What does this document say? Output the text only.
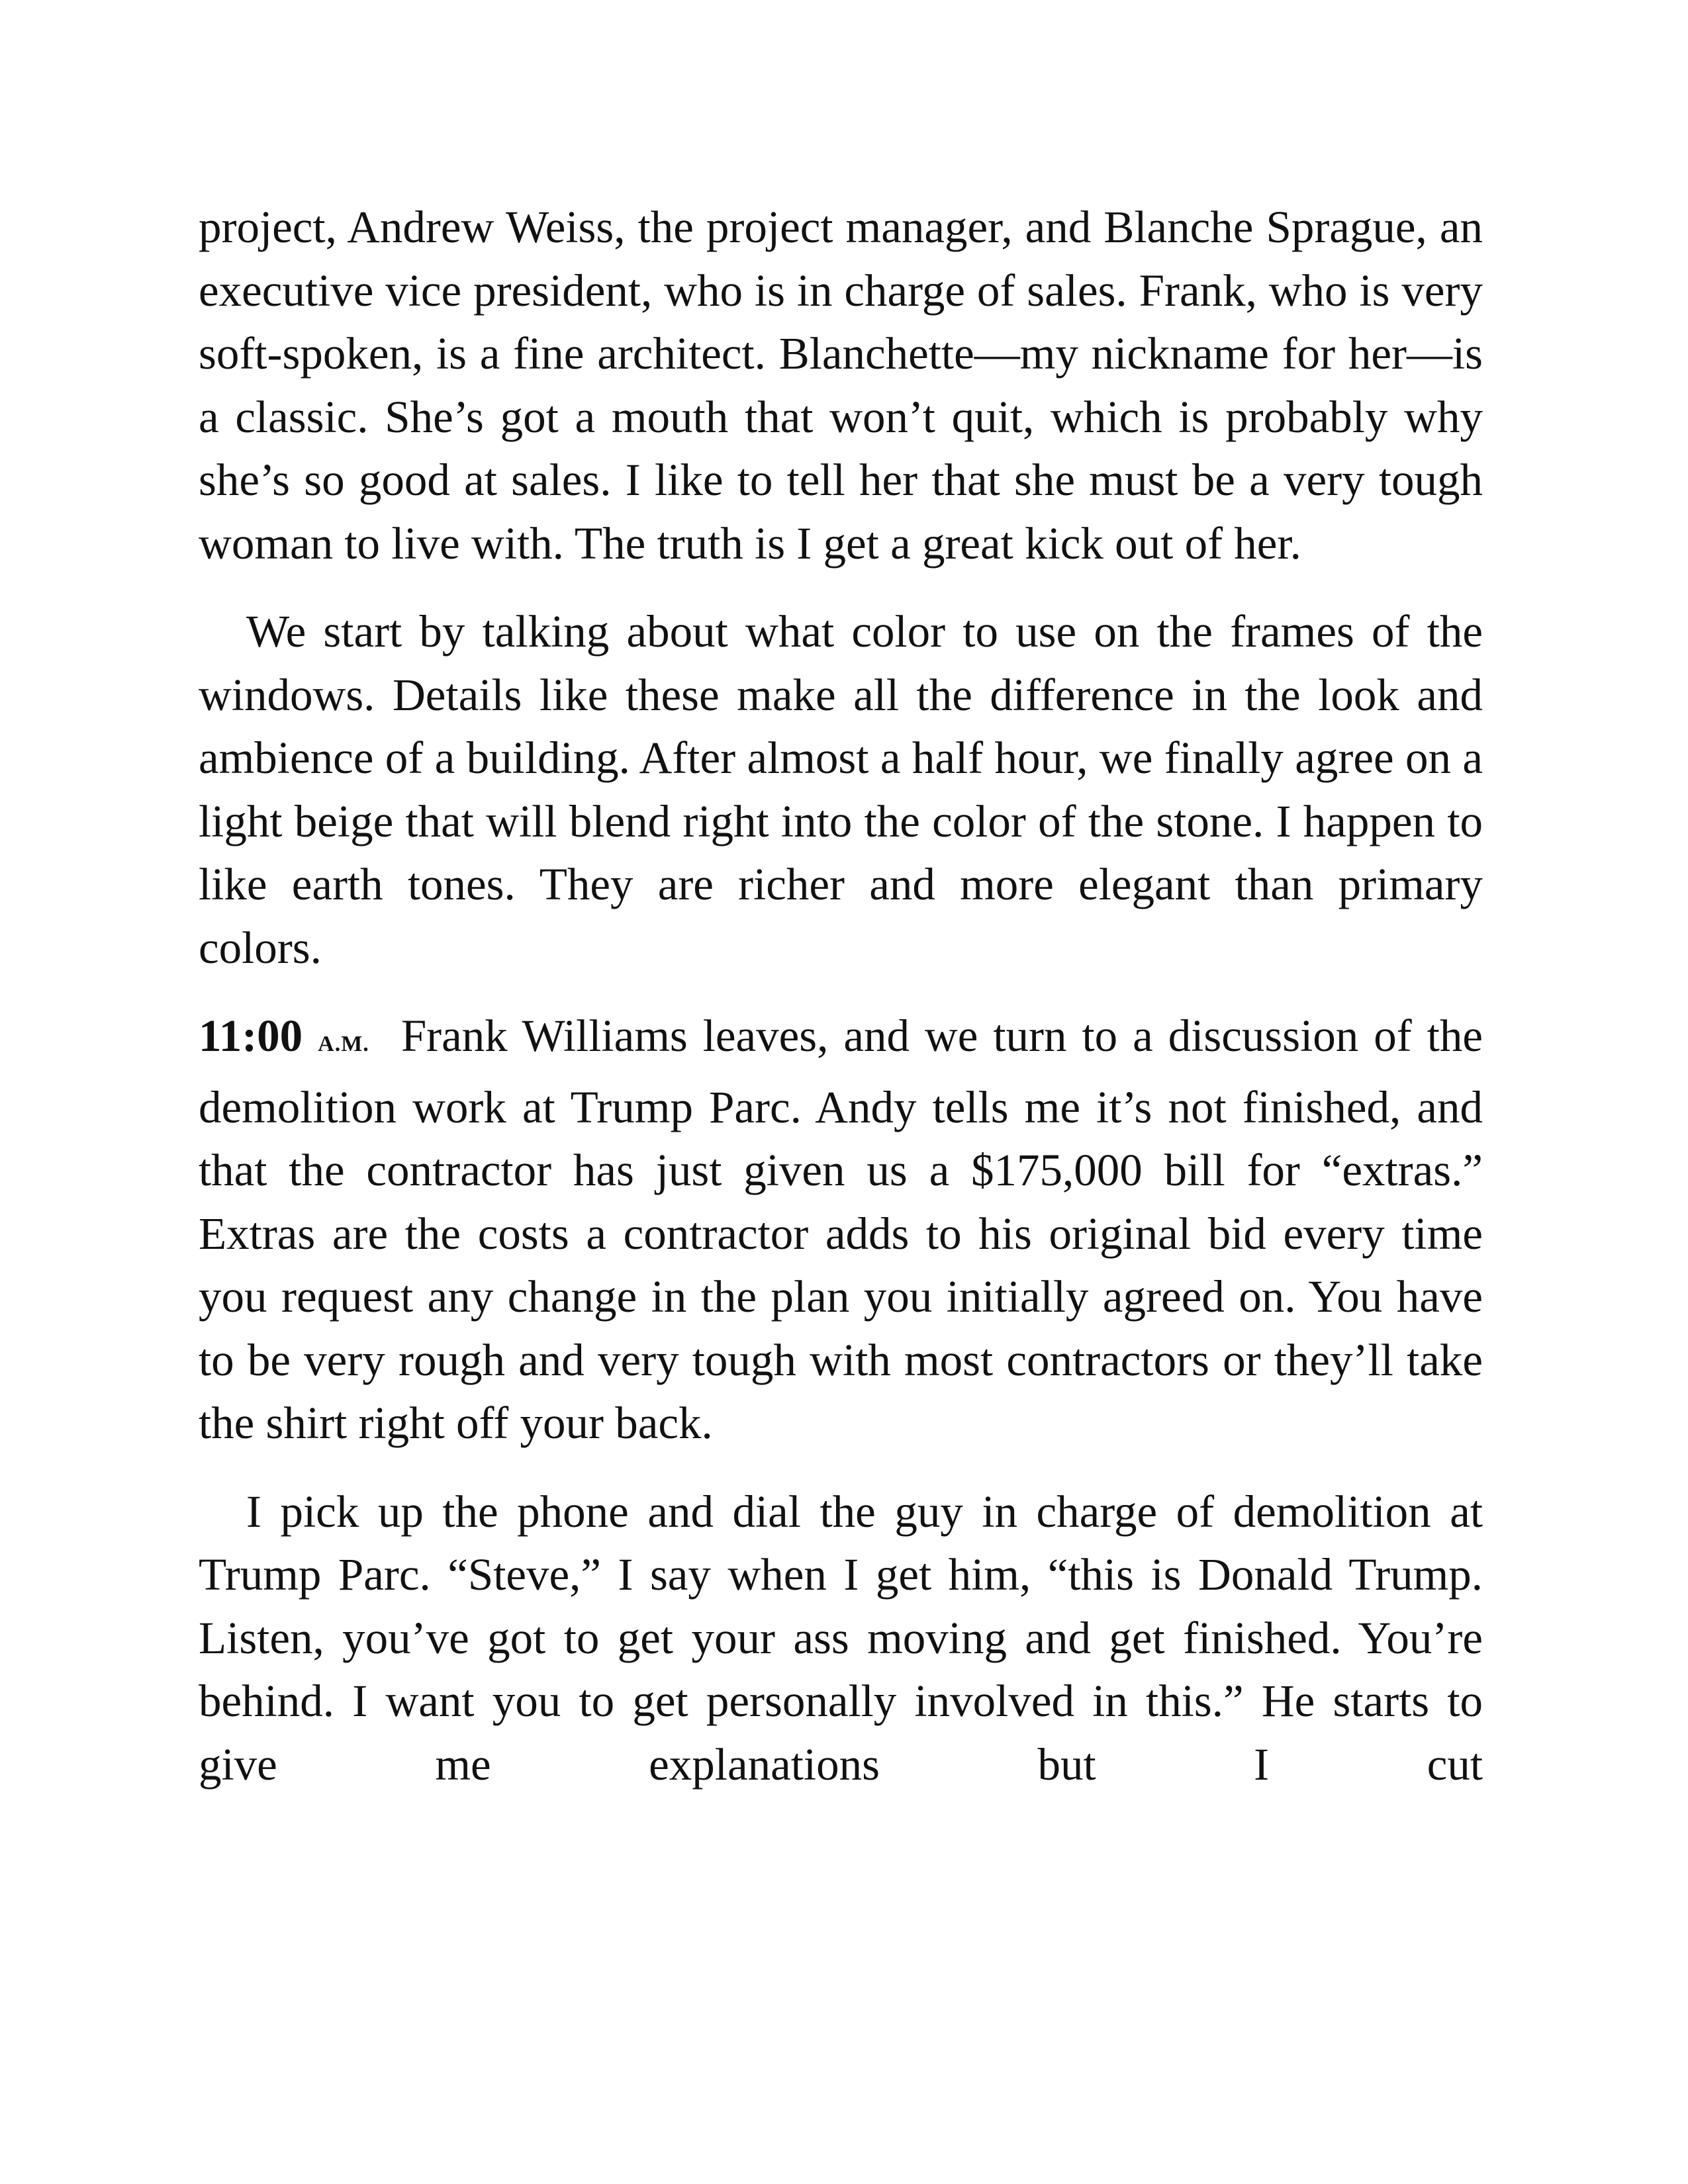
project, Andrew Weiss, the project manager, and Blanche Sprague, an executive vice president, who is in charge of sales. Frank, who is very soft-spoken, is a fine architect. Blanchette—my nickname for her—is a classic. She’s got a mouth that won’t quit, which is probably why she’s so good at sales. I like to tell her that she must be a very tough woman to live with. The truth is I get a great kick out of her.

We start by talking about what color to use on the frames of the windows. Details like these make all the difference in the look and ambience of a building. After almost a half hour, we finally agree on a light beige that will blend right into the color of the stone. I happen to like earth tones. They are richer and more elegant than primary colors.

11:00 A.M. Frank Williams leaves, and we turn to a discussion of the demolition work at Trump Parc. Andy tells me it’s not finished, and that the contractor has just given us a $175,000 bill for “extras.” Extras are the costs a contractor adds to his original bid every time you request any change in the plan you initially agreed on. You have to be very rough and very tough with most contractors or they’ll take the shirt right off your back.

I pick up the phone and dial the guy in charge of demolition at Trump Parc. “Steve,” I say when I get him, “this is Donald Trump. Listen, you’ve got to get your ass moving and get finished. You’re behind. I want you to get personally involved in this.” He starts to give me explanations but I cut
